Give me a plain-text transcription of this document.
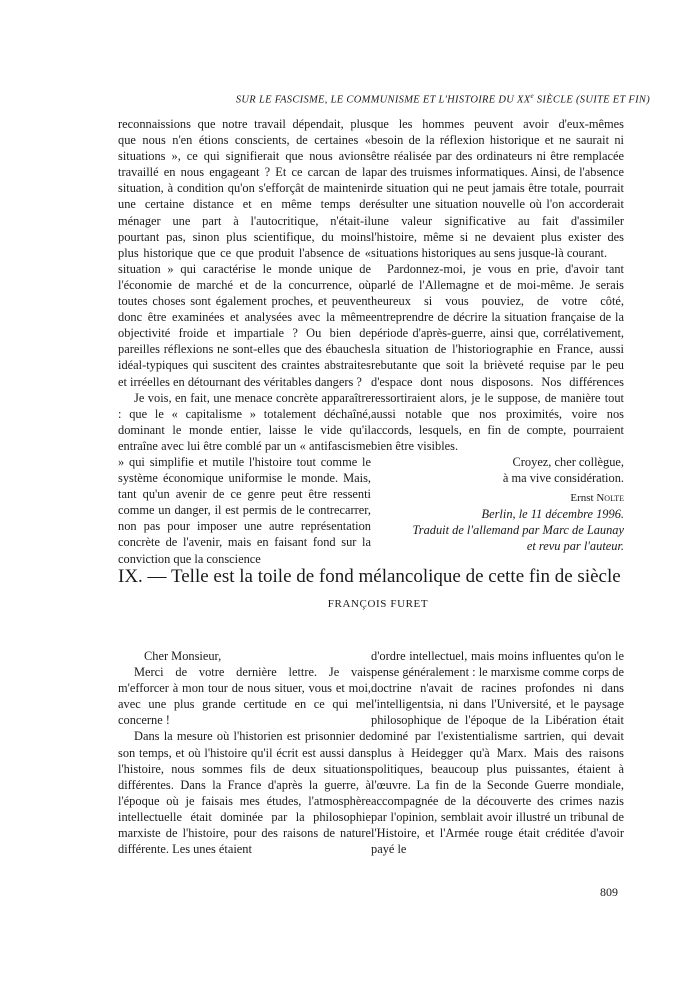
SUR LE FASCISME, LE COMMUNISME ET L'HISTOIRE DU XXe SIÈCLE (SUITE ET FIN)

reconnaissions que notre travail dépendait, plus que nous n'en étions conscients, de certaines « situations », ce qui signifierait que nous avions travaillé en nous engageant ? Et ce carcan de la situation, à condition qu'on s'efforçât de maintenir une certaine distance et en même temps de ménager une part à l'autocritique, n'était-il pourtant pas, sinon plus scientifique, du moins plus historique que ce que produit l'absence de « situation » qui caractérise le monde unique de l'économie de marché et de la concurrence, où toutes choses sont également proches, et peuvent donc être examinées et analysées avec la même objectivité froide et impartiale ? Ou bien de pareilles réflexions ne sont-elles que des ébauches idéal-typiques qui suscitent des craintes abstraites et irréelles en détournant des véritables dangers ?

Je vois, en fait, une menace concrète apparaître : que le « capitalisme » totalement déchaîné, dominant le monde entier, laisse le vide qu'il entraîne avec lui être comblé par un « antifascisme » qui simplifie et mutile l'histoire tout comme le système économique uniformise le monde. Mais, tant qu'un avenir de ce genre peut être ressenti comme un danger, il est permis de le contrecarrer, non pas pour imposer une autre représentation concrète de l'avenir, mais en faisant fond sur la conviction que la conscience

que les hommes peuvent avoir d'eux-mêmes besoin de la réflexion historique et ne saurait ni être réalisée par des ordinateurs ni être remplacée par des truismes informatiques. Ainsi, de l'absence de situation qui ne peut jamais être totale, pourrait résulter une situation nouvelle où l'on accorderait une valeur significative au fait d'assimiler l'histoire, même si ne devaient plus exister des situations historiques au sens jusque-là courant.

Pardonnez-moi, je vous en prie, d'avoir tant parlé de l'Allemagne et de moi-même. Je serais heureux si vous pouviez, de votre côté, entreprendre de décrire la situation française de la période d'après-guerre, ainsi que, corrélativement, la situation de l'historiographie en France, aussi rebutante que soit la brièveté requise par le peu d'espace dont nous disposons. Nos différences ressortiraient alors, je le suppose, de manière tout aussi notable que nos proximités, voire nos accords, lesquels, en fin de compte, pourraient bien être visibles.

Croyez, cher collègue,
à ma vive considération.
Ernst Nolte
Berlin, le 11 décembre 1996.
Traduit de l'allemand par Marc de Launay
et revu par l'auteur.
IX. — Telle est la toile de fond mélancolique de cette fin de siècle
FRANÇOIS FURET

Cher Monsieur,

Merci de votre dernière lettre. Je vais m'efforcer à mon tour de nous situer, vous et moi, avec une plus grande certitude en ce qui me concerne !

Dans la mesure où l'historien est prisonnier de son temps, et où l'histoire qu'il écrit est aussi dans l'histoire, nous sommes fils de deux situations différentes. Dans la France d'après la guerre, à l'époque où je faisais mes études, l'atmosphère intellectuelle était dominée par la philosophie marxiste de l'histoire, pour des raisons de nature différente. Les unes étaient

d'ordre intellectuel, mais moins influentes qu'on le pense généralement : le marxisme comme corps de doctrine n'avait de racines profondes ni dans l'intelligentsia, ni dans l'Université, et le paysage philosophique de l'époque de la Libération était dominé par l'existentialisme sartrien, qui devait plus à Heidegger qu'à Marx. Mais des raisons politiques, beaucoup plus puissantes, étaient à l'œuvre. La fin de la Seconde Guerre mondiale, accompagnée de la découverte des crimes nazis par l'opinion, semblait avoir illustré un tribunal de l'Histoire, et l'Armée rouge était créditée d'avoir payé le

809
